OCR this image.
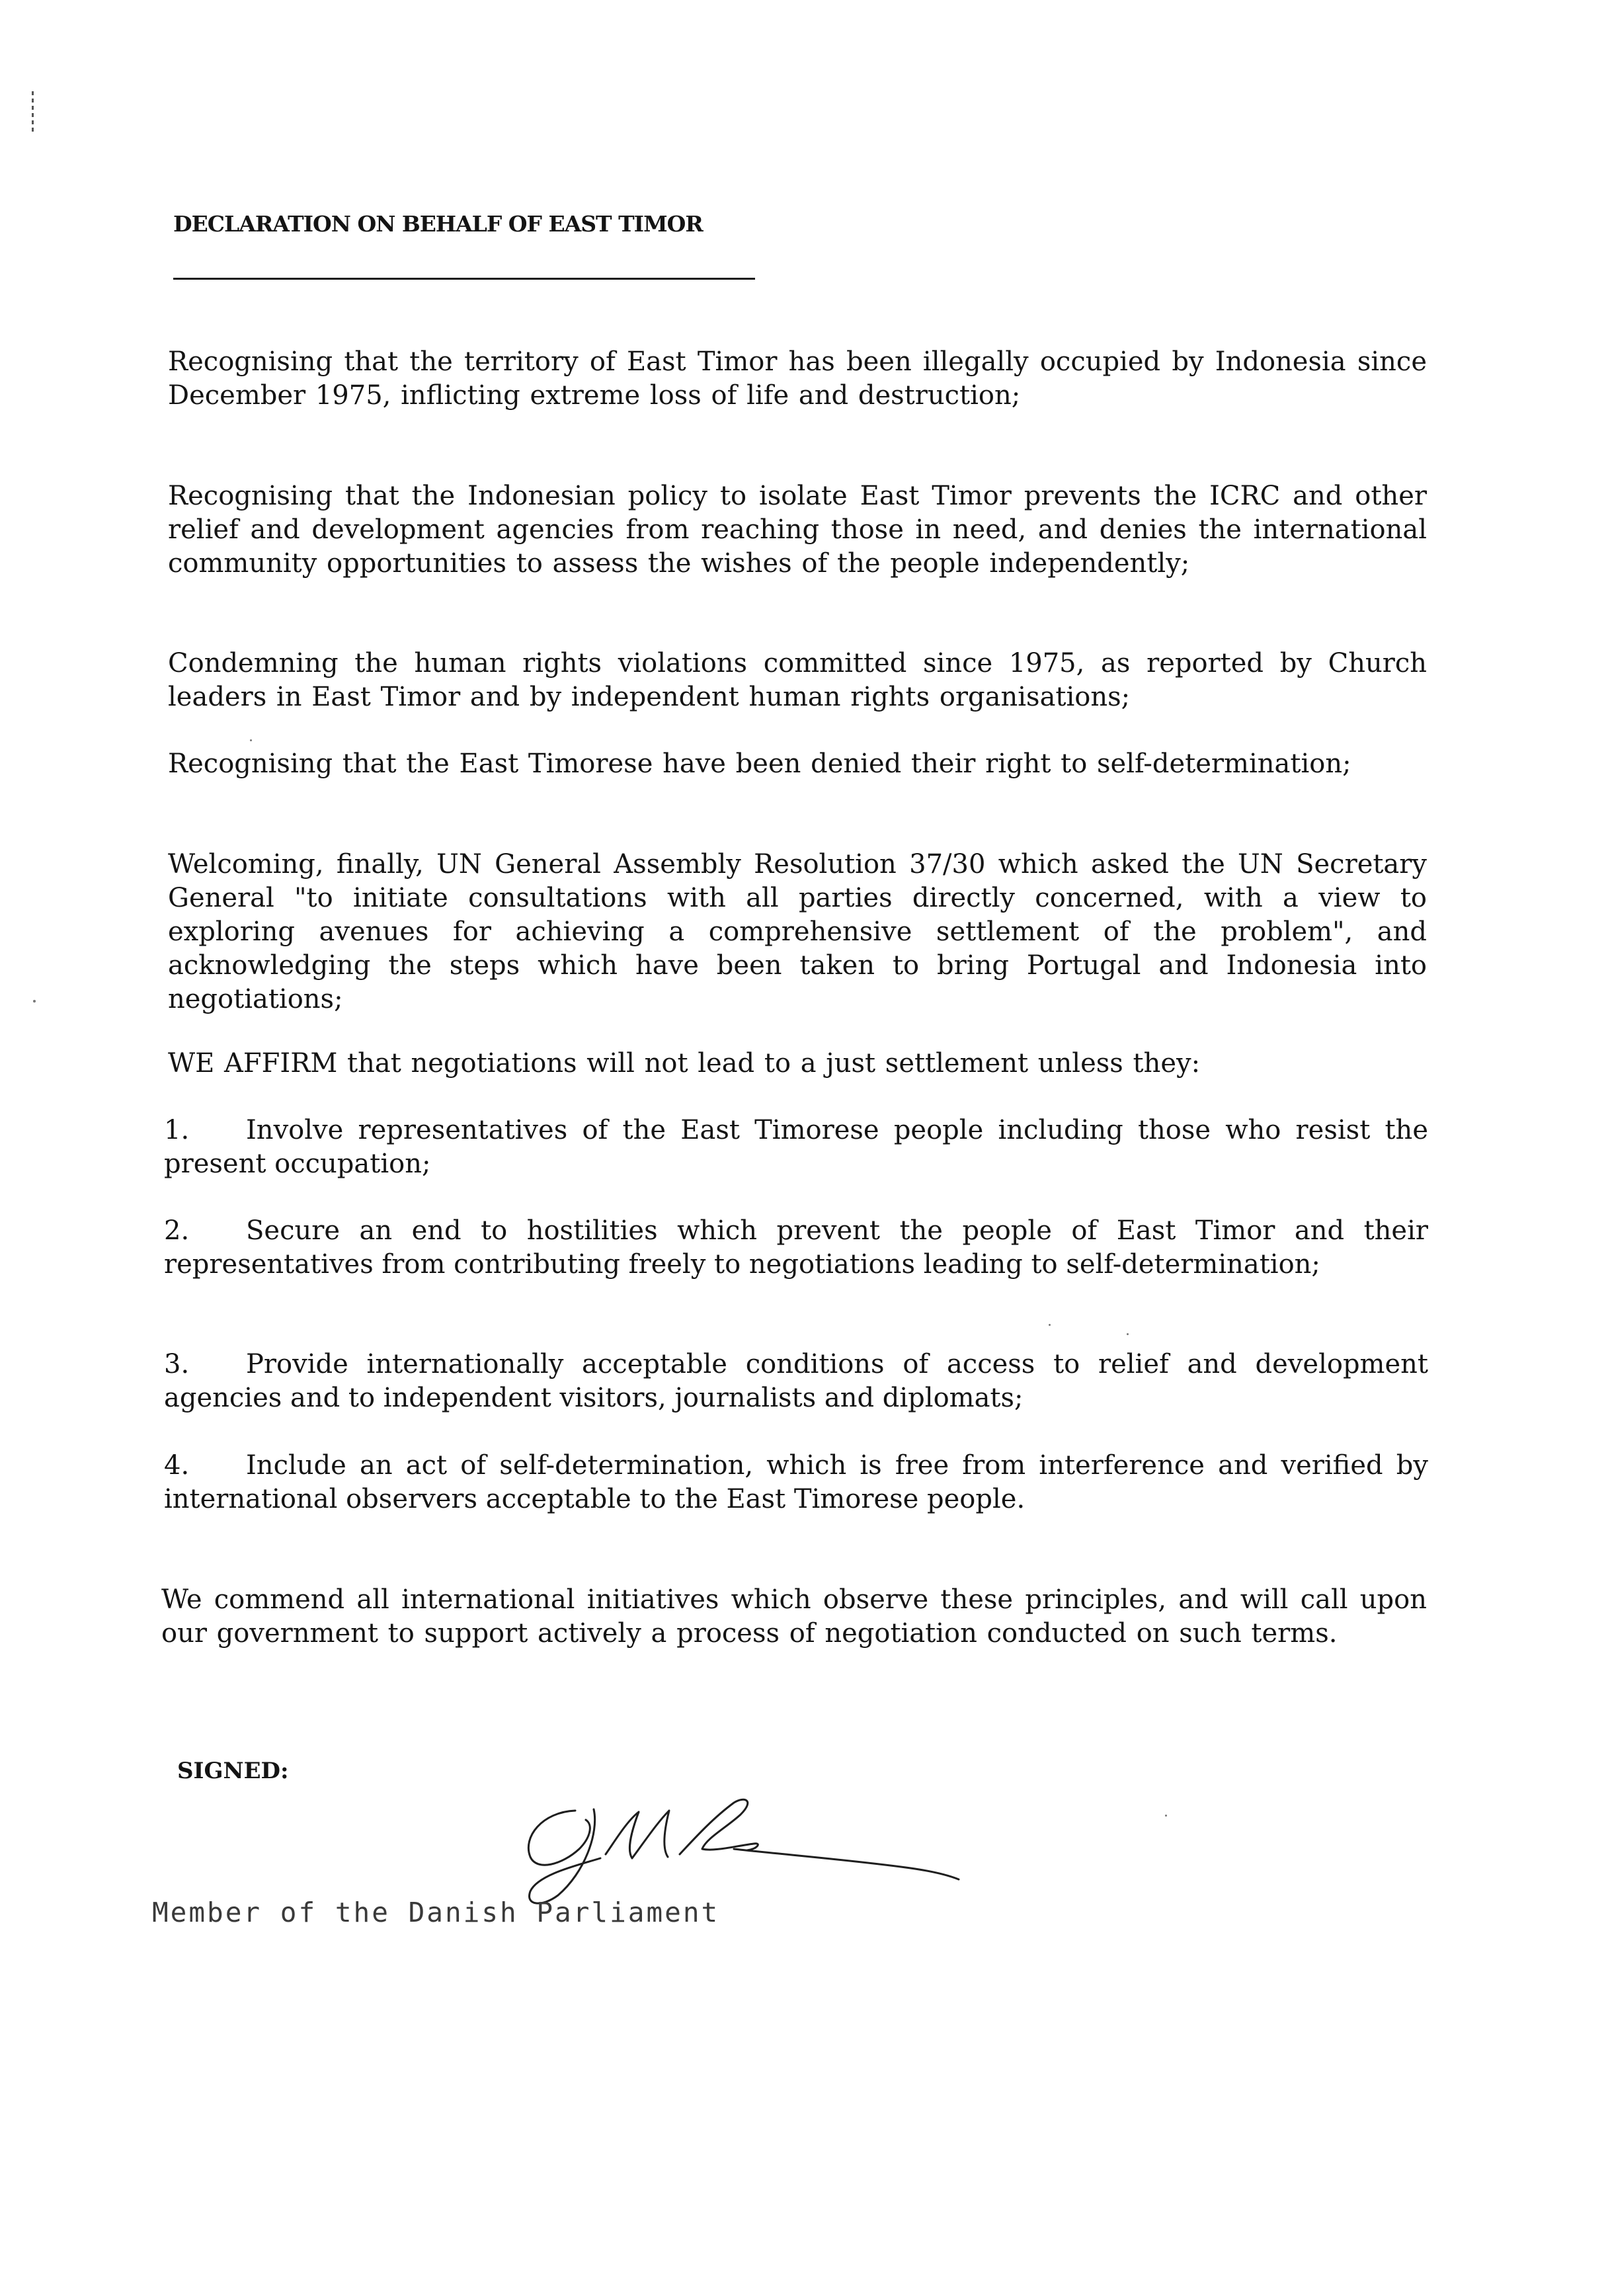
DECLARATION ON BEHALF OF EAST TIMOR

Recognising that the territory of East Timor has been illegally occupied by Indonesia since December 1975, inflicting extreme loss of life and destruction;

Recognising that the Indonesian policy to isolate East Timor prevents the ICRC and other relief and development agencies from reaching those in need, and denies the international community opportunities to assess the wishes of the people independently;

Condemning the human rights violations committed since 1975, as reported by Church leaders in East Timor and by independent human rights organisations;

Recognising that the East Timorese have been denied their right to self-determination;

Welcoming, finally, UN General Assembly Resolution 37/30 which asked the UN Secretary General "to initiate consultations with all parties directly concerned, with a view to exploring avenues for achieving a comprehensive settlement of the problem", and acknowledging the steps which have been taken to bring Portugal and Indonesia into negotiations;

WE AFFIRM that negotiations will not lead to a just settlement unless they:

1. Involve representatives of the East Timorese people including those who resist the present occupation;

2. Secure an end to hostilities which prevent the people of East Timor and their representatives from contributing freely to negotiations leading to self-determination;

3. Provide internationally acceptable conditions of access to relief and development agencies and to independent visitors, journalists and diplomats;

4. Include an act of self-determination, which is free from interference and verified by international observers acceptable to the East Timorese people.

We commend all international initiatives which observe these principles, and will call upon our government to support actively a process of negotiation conducted on such terms.

SIGNED:

Member of the Danish Parliament
